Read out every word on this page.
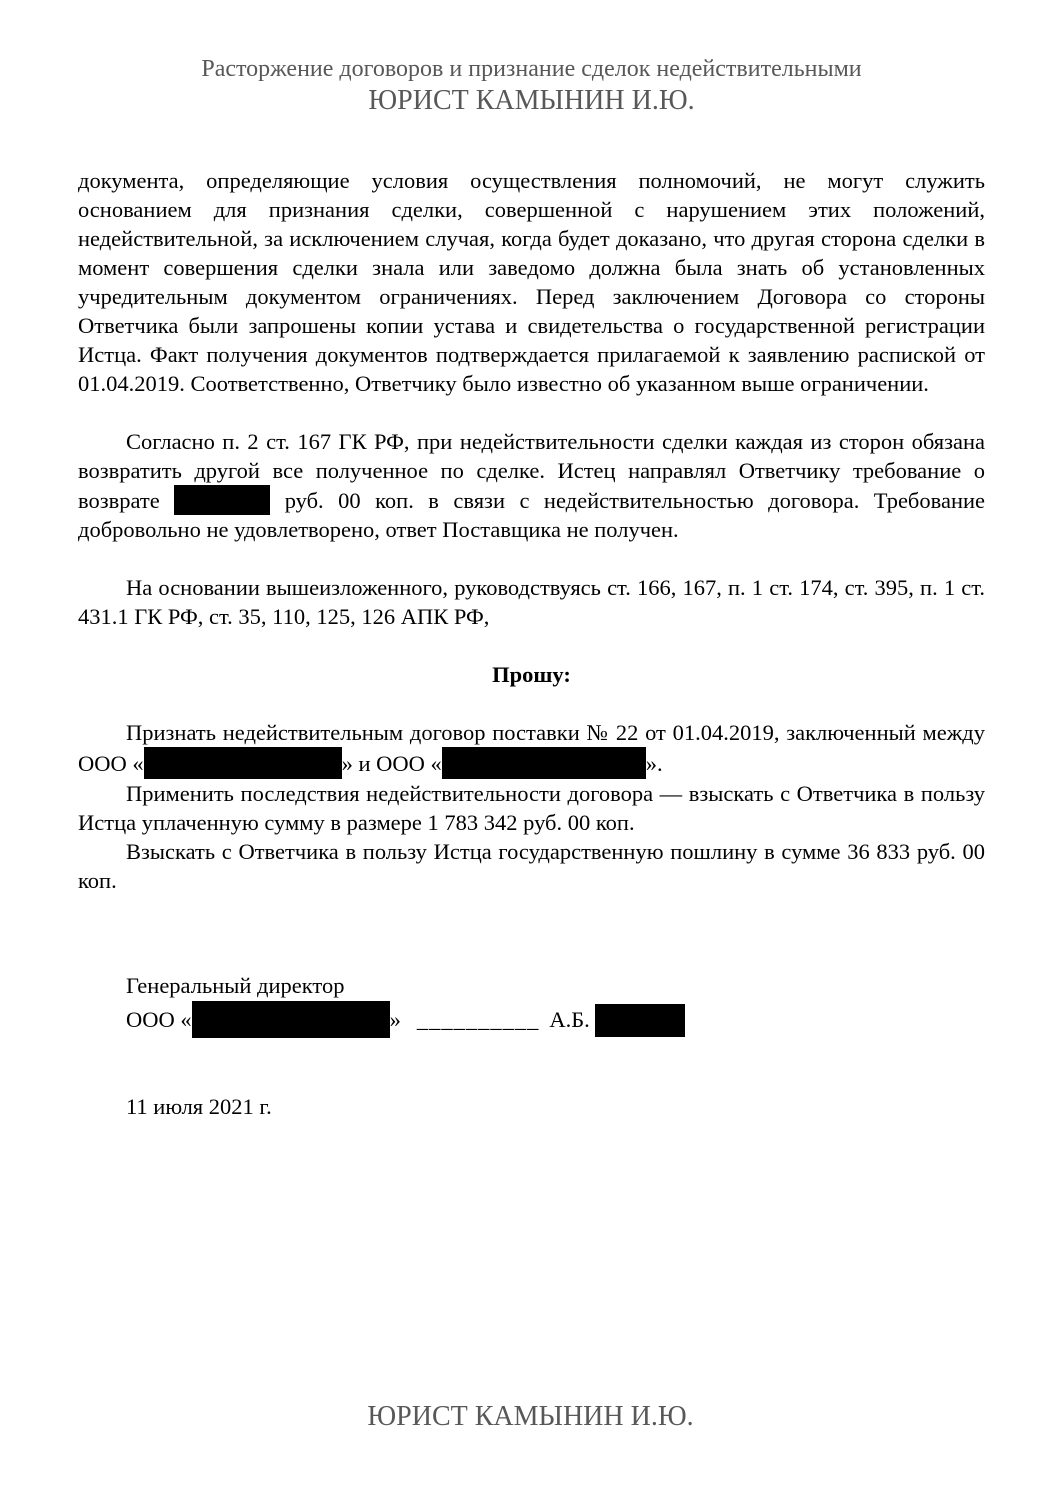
Расторжение договоров и признание сделок недействительными
ЮРИСТ КАМЫНИН И.Ю.

документа, определяющие условия осуществления полномочий, не могут служить основанием для признания сделки, совершенной с нарушением этих положений, недействительной, за исключением случая, когда будет доказано, что другая сторона сделки в момент совершения сделки знала или заведомо должна была знать об установленных учредительным документом ограничениях. Перед заключением Договора со стороны Ответчика были запрошены копии устава и свидетельства о государственной регистрации Истца. Факт получения документов подтверждается прилагаемой к заявлению распиской от 01.04.2019. Соответственно, Ответчику было известно об указанном выше ограничении.

Согласно п. 2 ст. 167 ГК РФ, при недействительности сделки каждая из сторон обязана возвратить другой все полученное по сделке. Истец направлял Ответчику требование о возврате	руб. 00 коп. в связи с недействительностью договора. Требование добровольно не удовлетворено, ответ Поставщика не получен.

На основании вышеизложенного, руководствуясь ст. 166, 167, п. 1 ст. 174, ст. 395, п. 1 ст. 431.1 ГК РФ, ст. 35, 110, 125, 126 АПК РФ,

Прошу:

Признать недействительным договор поставки № 22 от 01.04.2019, заключенный между ООО «	» и ООО «	».

Применить последствия недействительности договора — взыскать с Ответчика в пользу Истца уплаченную сумму в размере 1 783 342 руб. 00 коп.

Взыскать с Ответчика в пользу Истца государственную пошлину в сумме 36 833 руб. 00 коп.

Генеральный директор

ООО «	» __________ А.Б.

11 июля 2021 г.

ЮРИСТ КАМЫНИН И.Ю.
